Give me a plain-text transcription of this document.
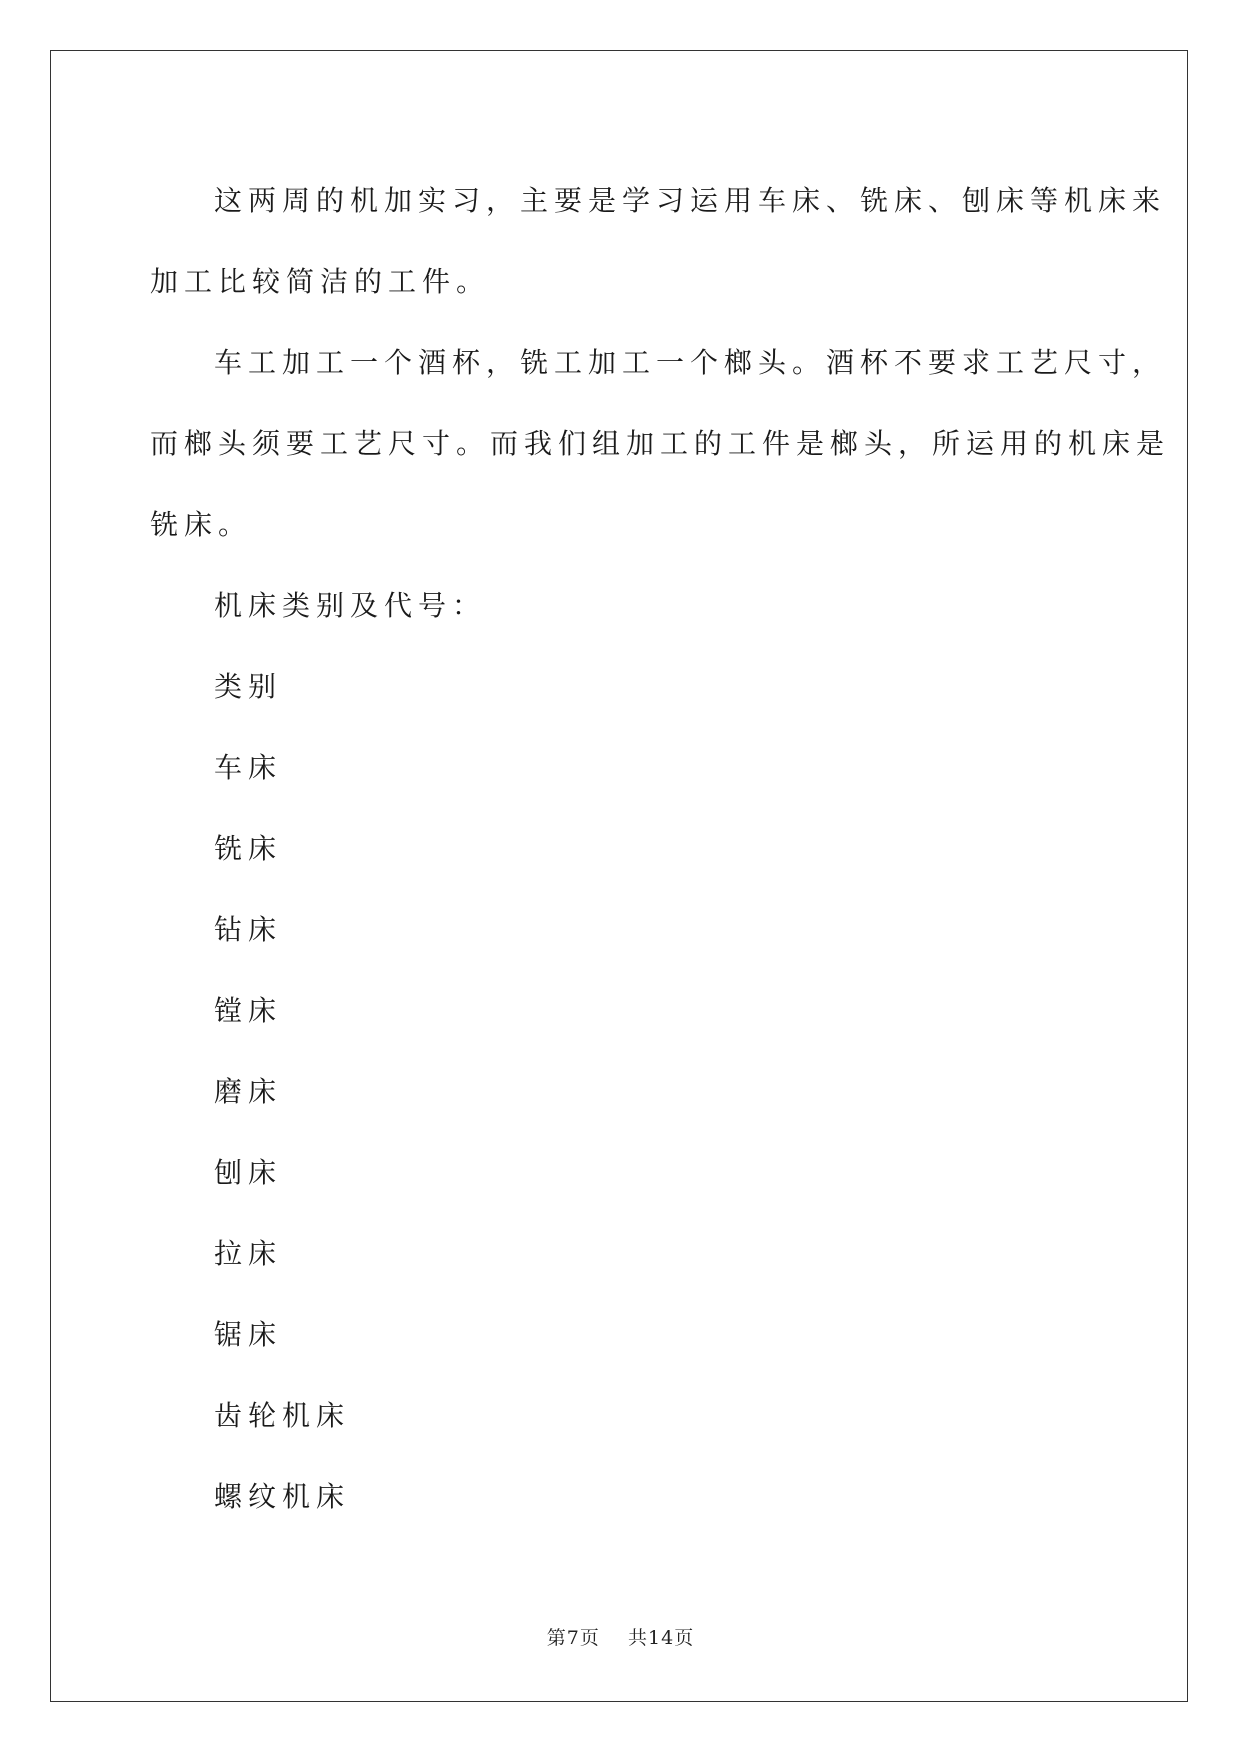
这两周的机加实习，主要是学习运用车床、铣床、刨床等机床来
加工比较简洁的工件。
车工加工一个酒杯，铣工加工一个榔头。酒杯不要求工艺尺寸，
而榔头须要工艺尺寸。而我们组加工的工件是榔头，所运用的机床是
铣床。
机床类别及代号：
类别
车床
铣床
钻床
镗床
磨床
刨床
拉床
锯床
齿轮机床
螺纹机床
第7页 共14页
